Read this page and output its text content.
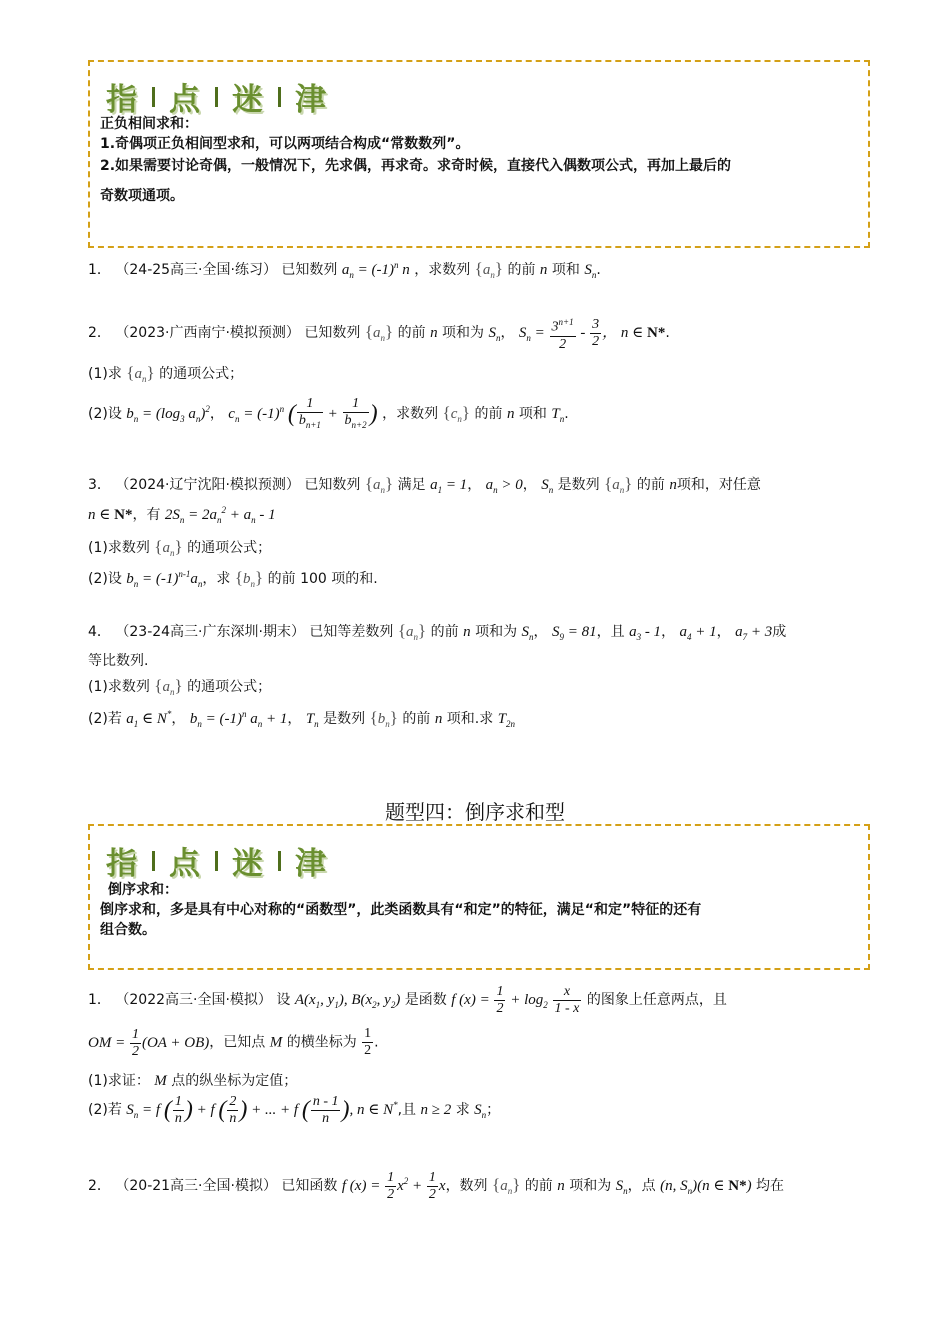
指 点 迷 津
正负相间求和：
1.奇偶项正负相间型求和，可以两项结合构成“常数数列”。
2.如果需要讨论奇偶，一般情况下，先求偶，再求奇。求奇时候，直接代入偶数项公式，再加上最后的
奇数项通项。
1． （24-25高三·全国·练习） 已知数列 $a_n = (-1)^n$ n ，求数列 $\{a_n\}$ 的前 n 项和 $S_n$.
2． （2023·广西南宁·模拟预测） 已知数列 $\{a_n\}$ 的前 n 项和为 $S_n$， $S_n = \frac{3^{n+1}}{2} - \frac{3}{2}$ ， n ∈ N*.
(1)求 $\{a_n\}$ 的通项公式；
(2)设 $b_n = (\log_3$ $a_n)^2$， $c_n = (-1)^n$ ( $\frac{1}{b_{n+1}} + \frac{1}{b_{n+2}}$ ) ，求数列 $\{c_n\}$ 的前 n 项和 $T_n$.
3． （2024·辽宁沈阳·模拟预测） 已知数列 $\{a_n\}$ 满足 $a_1 = 1$， $a_n > 0$， $S_n$ 是数列 $\{a_n\}$ 的前 n项和，对任意
n ∈ N*，有 $2S_n = 2a_n^2 + a_n - 1$
(1)求数列 $\{a_n\}$ 的通项公式；
(2)设 $b_n = (-1)^{n-1}a_n$，求 $\{b_n\}$ 的前 100 项的和.
4． （23-24高三·广东深圳·期末） 已知等差数列 $\{a_n\}$ 的前 n 项和为 $S_n$， $S_9 = 81$，且 $a_3 - 1$， $a_4 + 1$， $a_7 + 3$成
等比数列.
(1)求数列 $\{a_n\}$ 的通项公式；
(2)若 $a_1$ ∈ N*， $b_n = (-1)^n$ $a_n + 1$， $T_n$ 是数列 $\{b_n\}$ 的前 n 项和.求 $T_{2n}$
题型四：倒序求和型
指 点 迷 津
倒序求和：
倒序求和，多是具有中心对称的“函数型”，此类函数具有“和定”的特征，满足“和定”特征的还有
组合数。
1． （2022高三·全国·模拟） 设 $A(x_1$, $y_1$), $B(x_2$, $y_2$) 是函数 f $(x) = \frac{1}{2} + \log_2 \frac{x}{1 - x}$ 的图象上任意两点，且
OM = $\frac{1}{2} (OA + OB)$，已知点 M 的横坐标为 $\frac{1}{2}$ .
(1)求证： M 点的纵坐标为定值；
(2)若 $S_n = f$ ( $\frac{1}{n}$ ) + f ( $\frac{2}{n}$ ) + ... + f ( $\frac{n - 1}{n}$ ), n ∈ N*,且 n ≥ 2 求 $S_n$；
2． （20-21高三·全国·模拟） 已知函数 f $(x) = \frac{1}{2} x^2 + \frac{1}{2}$ x，数列 $\{a_n\}$ 的前 n 项和为 $S_n$，点 (n, $S_n)(n$ ∈ N*) 均在
